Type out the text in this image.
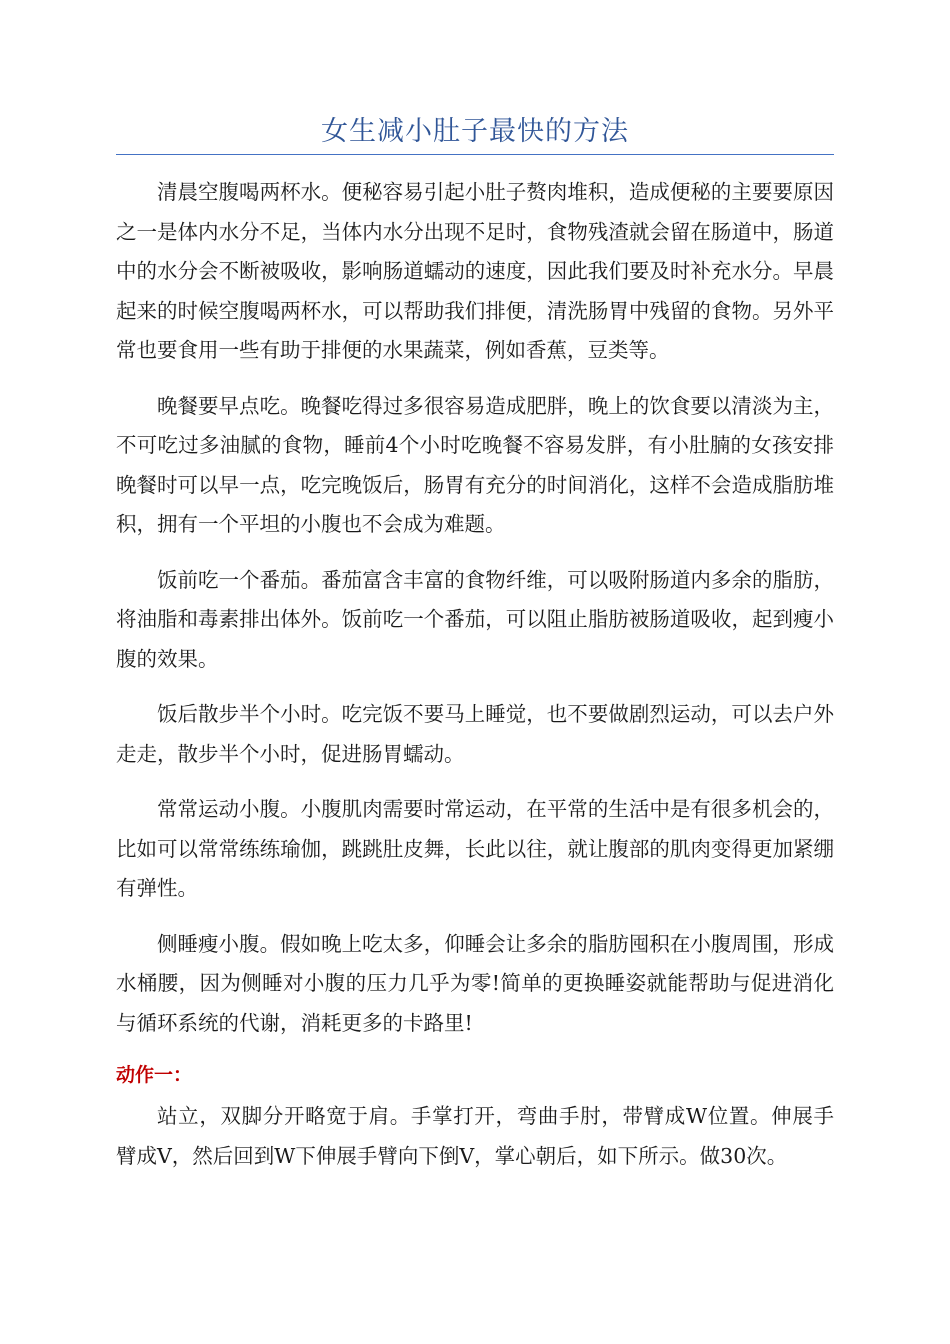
女生减小肚子最快的方法

清晨空腹喝两杯水。便秘容易引起小肚子赘肉堆积，造成便秘的主要要原因之一是体内水分不足，当体内水分出现不足时，食物残渣就会留在肠道中，肠道中的水分会不断被吸收，影响肠道蠕动的速度，因此我们要及时补充水分。早晨起来的时候空腹喝两杯水，可以帮助我们排便，清洗肠胃中残留的食物。另外平常也要食用一些有助于排便的水果蔬菜，例如香蕉，豆类等。

晚餐要早点吃。晚餐吃得过多很容易造成肥胖，晚上的饮食要以清淡为主，不可吃过多油腻的食物，睡前4个小时吃晚餐不容易发胖，有小肚腩的女孩安排晚餐时可以早一点，吃完晚饭后，肠胃有充分的时间消化，这样不会造成脂肪堆积，拥有一个平坦的小腹也不会成为难题。

饭前吃一个番茄。番茄富含丰富的食物纤维，可以吸附肠道内多余的脂肪，将油脂和毒素排出体外。饭前吃一个番茄，可以阻止脂肪被肠道吸收，起到瘦小腹的效果。

饭后散步半个小时。吃完饭不要马上睡觉，也不要做剧烈运动，可以去户外走走，散步半个小时，促进肠胃蠕动。

常常运动小腹。小腹肌肉需要时常运动，在平常的生活中是有很多机会的，比如可以常常练练瑜伽，跳跳肚皮舞，长此以往，就让腹部的肌肉变得更加紧绷有弹性。

侧睡瘦小腹。假如晚上吃太多，仰睡会让多余的脂肪囤积在小腹周围，形成水桶腰，因为侧睡对小腹的压力几乎为零!简单的更换睡姿就能帮助与促进消化与循环系统的代谢，消耗更多的卡路里!

动作一：

站立，双脚分开略宽于肩。手掌打开，弯曲手肘，带臂成W位置。伸展手臂成V，然后回到W下伸展手臂向下倒V，掌心朝后，如下所示。做30次。
